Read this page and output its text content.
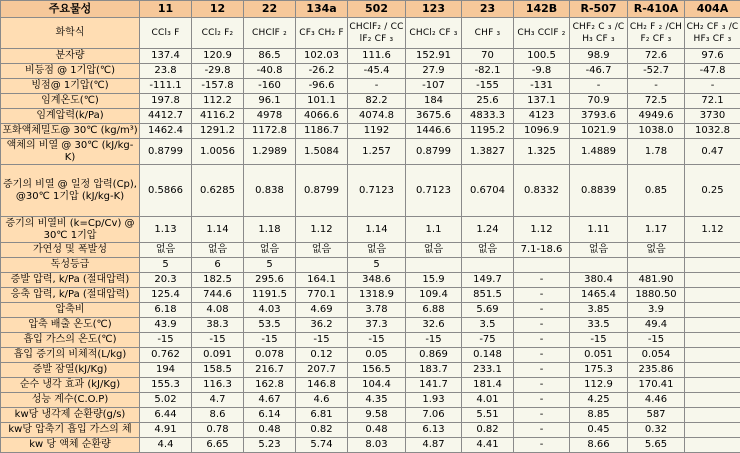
주요물성	11	12	22	134a	502	123	23	142B	R-507	R-410A	404A
화학식	CCl₃ F	CCl₂ F₂	CHClF ₂	CF₃ CH₂ F	CHClF₂ / CClF₂ CF ₃	CHCl₂ CF ₃	CHF ₃	CH₃ CClF ₂	CHF₂ C ₃ /CH₃ CF ₃	CH₂ F ₂ /CHF₂ CF ₃	CH₂ CF ₃ /CHF₃ CF ₃
분자량	137.4	120.9	86.5	102.03	111.6	152.91	70	100.5	98.9	72.6	97.6
비등점 @ 1기압(℃)	23.8	-29.8	-40.8	-26.2	-45.4	27.9	-82.1	-9.8	-46.7	-52.7	-47.8
빙점@ 1기압(℃)	-111.1	-157.8	-160	-96.6	-	-107	-155	-131	-	-	-
임계온도(℃)	197.8	112.2	96.1	101.1	82.2	184	25.6	137.1	70.9	72.5	72.1
임계압력(k/Pa)	4412.7	4116.2	4978	4066.6	4074.8	3675.6	4833.3	4123	3793.6	4949.6	3730
포화액체밀도@ 30℃ (kg/m³)	1462.4	1291.2	1172.8	1186.7	1192	1446.6	1195.2	1096.9	1021.9	1038.0	1032.8
액체의 비열 @ 30℃ (kJ/kg-K)	0.8799	1.0056	1.2989	1.5084	1.257	0.8799	1.3827	1.325	1.4889	1.78	0.47
증기의 비열 @ 일정 압력(Cp), @30℃ 1기압 (kJ/kg-K)	0.5866	0.6285	0.838	0.8799	0.7123	0.7123	0.6704	0.8332	0.8839	0.85	0.25
증기의 비열비 (k=Cp/Cv) @ 30℃ 1기압	1.13	1.14	1.18	1.12	1.14	1.1	1.24	1.12	1.11	1.17	1.12
가연성 및 폭발성	없음	없음	없음	없음	없음	없음	없음	7.1-18.6	없음	없음	
독성등급	5	6	5		5						
증발 압력, k/Pa (절대압력)	20.3	182.5	295.6	164.1	348.6	15.9	149.7	-	380.4	481.90	
응축 압력, k/Pa (절대압력)	125.4	744.6	1191.5	770.1	1318.9	109.4	851.5	-	1465.4	1880.50	
압축비	6.18	4.08	4.03	4.69	3.78	6.88	5.69	-	3.85	3.9	
압축 배출 온도(℃)	43.9	38.3	53.5	36.2	37.3	32.6	3.5	-	33.5	49.4	
흡입 가스의 온도(℃)	-15	-15	-15	-15	-15	-15	-75	-	-15	-15	
흡입 증기의 비체적(L/kg)	0.762	0.091	0.078	0.12	0.05	0.869	0.148	-	0.051	0.054	
증발 잠열(kJ/Kg)	194	158.5	216.7	207.7	156.5	183.7	233.1	-	175.3	235.86	
순수 냉각 효과 (kJ/Kg)	155.3	116.3	162.8	146.8	104.4	141.7	181.4	-	112.9	170.41	
성능 계수(C.O.P)	5.02	4.7	4.67	4.6	4.35	1.93	4.01	-	4.25	4.46	
kw당 냉각제 순환량(g/s)	6.44	8.6	6.14	6.81	9.58	7.06	5.51	-	8.85	587	
kw당 압축기 흡입 가스의 체	4.91	0.78	0.48	0.82	0.48	6.13	0.82	-	0.45	0.32	
kw 당 액체 순환량	4.4	6.65	5.23	5.74	8.03	4.87	4.41	-	8.66	5.65	
